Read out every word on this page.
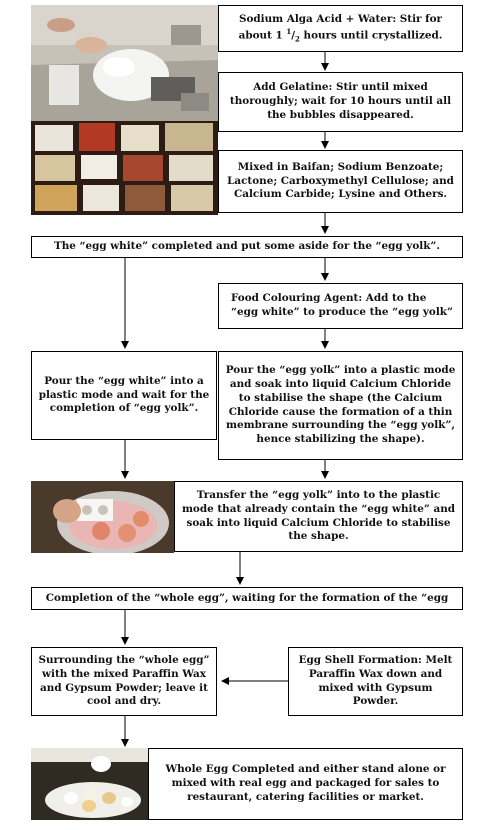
Sodium Alga Acid + Water: Stir for about 1 $^1/_2$ hours until crystallized.
Add Gelatine: Stir until mixed thoroughly; wait for 10 hours until all the bubbles disappeared.
Mixed in Baifan; Sodium Benzoate; Lactone; Carboxymethyl Cellulose; and Calcium Carbide; Lysine and Others.
The “egg white” completed and put some aside for the “egg yolk”.
Food Colouring Agent: Add to the “egg white” to produce the “egg yolk”
Pour the “egg white” into a plastic mode and wait for the completion of “egg yolk”.
Pour the “egg yolk” into a plastic mode and soak into liquid Calcium Chloride to stabilise the shape (the Calcium Chloride cause the formation of a thin membrane surrounding the “egg yolk”, hence stabilizing the shape).
Transfer the “egg yolk” into to the plastic mode that already contain the “egg white” and soak into liquid Calcium Chloride to stabilise the shape.
Completion of the “whole egg”, waiting for the formation of the “egg
Surrounding the “whole egg” with the mixed Paraffin Wax and Gypsum Powder; leave it cool and dry.
Egg Shell Formation: Melt Paraffin Wax down and mixed with Gypsum Powder.
Whole Egg Completed and either stand alone or mixed with real egg and packaged for sales to restaurant, catering facilities or market.
